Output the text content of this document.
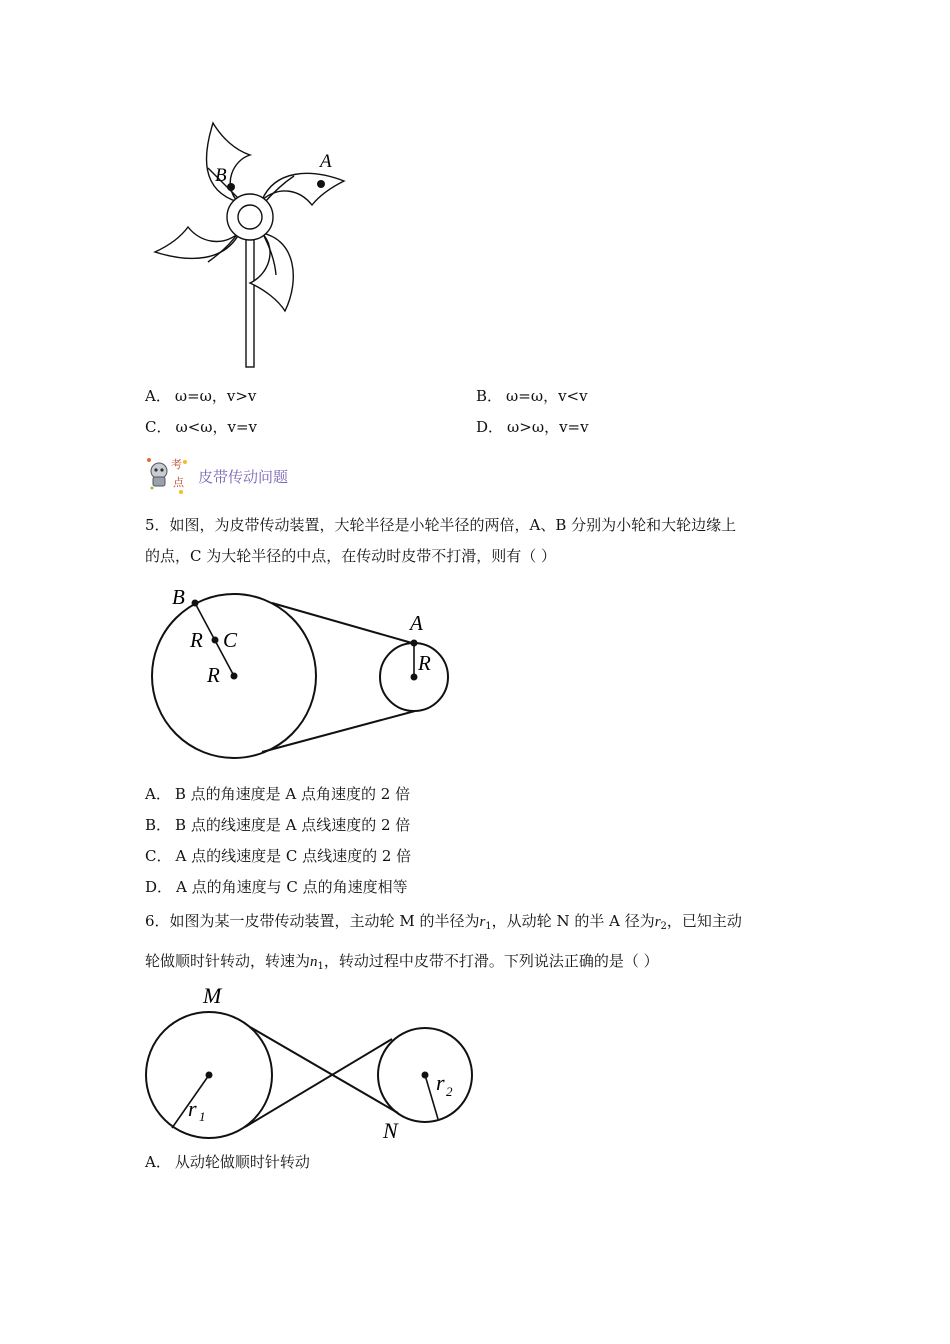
B
A
A． ω=ω，v>v	B． ω=ω，v<v
C． ω<ω，v=v	D． ω>ω，v=v
考
点 皮带传动问题
5．如图，为皮带传动装置，大轮半径是小轮半径的两倍，A、B 分别为小轮和大轮边缘上
的点，C 为大轮半径的中点，在传动时皮带不打滑，则有（ ）
B
R C
R
A
R
A． B 点的角速度是 A 点角速度的 2 倍
B． B 点的线速度是 A 点线速度的 2 倍
C． A 点的线速度是 C 点线速度的 2 倍
D． A 点的角速度与 C 点的角速度相等
6．如图为某一皮带传动装置，主动轮 M 的半径为$r_1$，从动轮 N 的半 A 径为$r_2$，已知主动
轮做顺时针转动，转速为$n_1$，转动过程中皮带不打滑。下列说法正确的是（ ）
M
N
r 1
r 2
A． 从动轮做顺时针转动
